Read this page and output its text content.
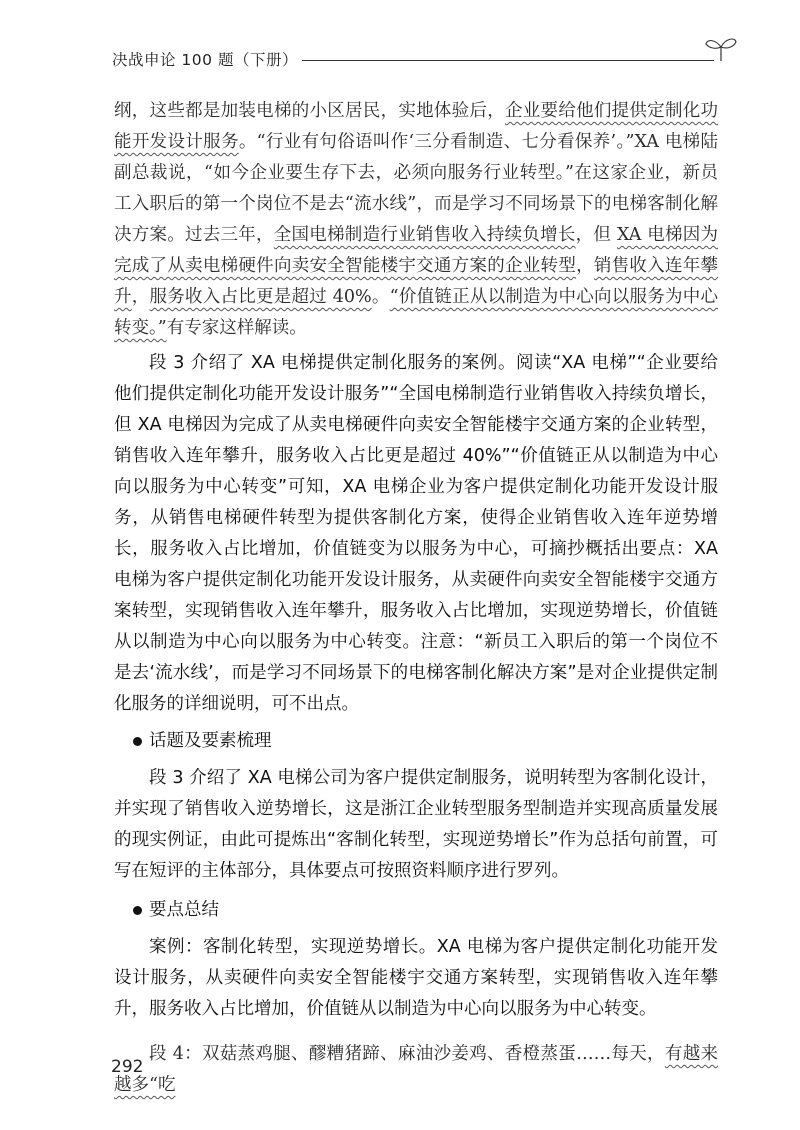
决战申论 100 题（下册）

纲，这些都是加装电梯的小区居民，实地体验后，企业要给他们提供定制化功能开发设计服务。“行业有句俗语叫作‘三分看制造、七分看保养’。”XA 电梯陆副总裁说，“如今企业要生存下去，必须向服务行业转型。”在这家企业，新员工入职后的第一个岗位不是去“流水线”，而是学习不同场景下的电梯客制化解决方案。过去三年，全国电梯制造行业销售收入持续负增长，但 XA 电梯因为完成了从卖电梯硬件向卖安全智能楼宇交通方案的企业转型，销售收入连年攀升，服务收入占比更是超过 40%。“价值链正从以制造为中心向以服务为中心转变。”有专家这样解读。

段 3 介绍了 XA 电梯提供定制化服务的案例。阅读“XA 电梯”“企业要给他们提供定制化功能开发设计服务”“全国电梯制造行业销售收入持续负增长，但 XA 电梯因为完成了从卖电梯硬件向卖安全智能楼宇交通方案的企业转型，销售收入连年攀升，服务收入占比更是超过 40%”“价值链正从以制造为中心向以服务为中心转变”可知，XA 电梯企业为客户提供定制化功能开发设计服务，从销售电梯硬件转型为提供客制化方案，使得企业销售收入连年逆势增长，服务收入占比增加，价值链变为以服务为中心，可摘抄概括出要点：XA 电梯为客户提供定制化功能开发设计服务，从卖硬件向卖安全智能楼宇交通方案转型，实现销售收入连年攀升，服务收入占比增加，实现逆势增长，价值链从以制造为中心向以服务为中心转变。注意：“新员工入职后的第一个岗位不是去‘流水线’，而是学习不同场景下的电梯客制化解决方案”是对企业提供定制化服务的详细说明，可不出点。

话题及要素梳理

段 3 介绍了 XA 电梯公司为客户提供定制服务，说明转型为客制化设计，并实现了销售收入逆势增长，这是浙江企业转型服务型制造并实现高质量发展的现实例证，由此可提炼出“客制化转型，实现逆势增长”作为总括句前置，可写在短评的主体部分，具体要点可按照资料顺序进行罗列。

要点总结

案例：客制化转型，实现逆势增长。XA 电梯为客户提供定制化功能开发设计服务，从卖硬件向卖安全智能楼宇交通方案转型，实现销售收入连年攀升，服务收入占比增加，价值链从以制造为中心向以服务为中心转变。

段 4：双菇蒸鸡腿、醪糟猪蹄、麻油沙姜鸡、香橙蒸蛋……每天，有越来越多“吃

292
